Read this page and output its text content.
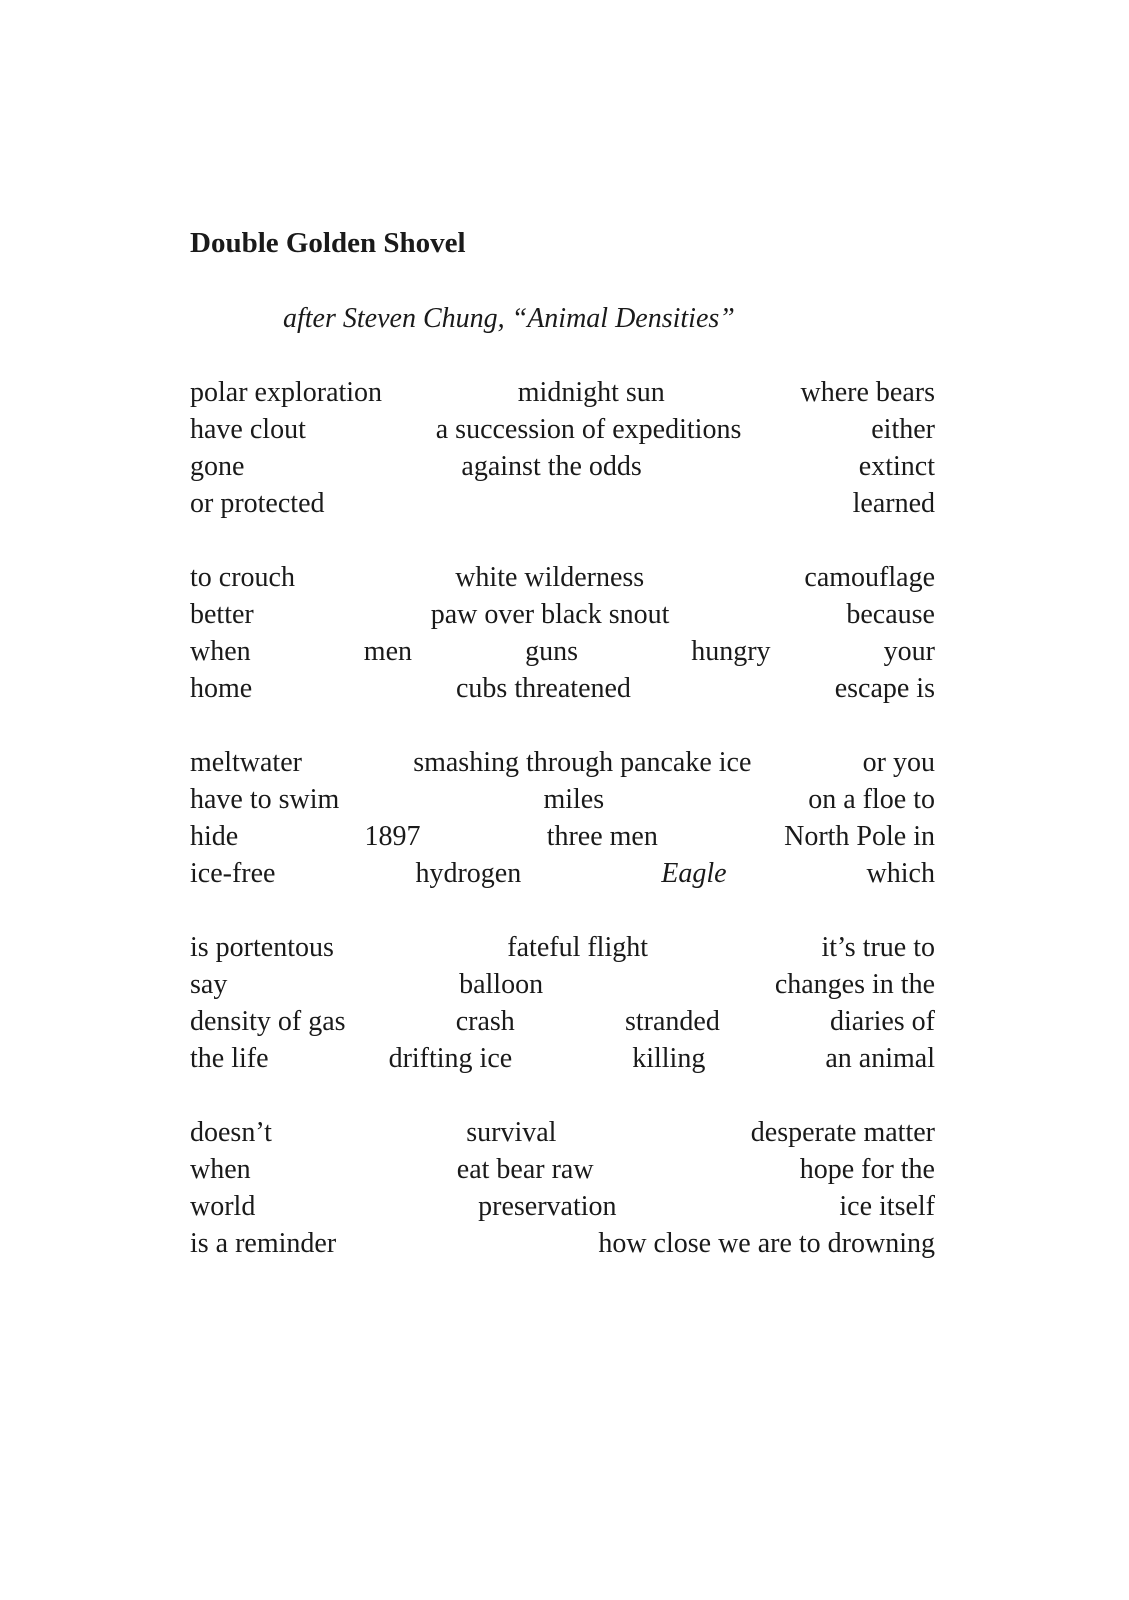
Double Golden Shovel
after Steven Chung, “Animal Densities”
polar exploration	midnight sun	where bears
have clout	a succession of expeditions	either
gone	against the odds	extinct
or protected	learned
to crouch	white wilderness	camouflage
better	paw over black snout	because
when	men	guns	hungry	your
home	cubs threatened	escape is
meltwater	smashing through pancake ice	or you
have to swim	miles	on a floe to
hide	1897	three men	North Pole in
ice-free	hydrogen	Eagle	which
is portentous	fateful flight	it’s true to
say	balloon	changes in the
density of gas	crash	stranded	diaries of
the life	drifting ice	killing	an animal
doesn’t	survival	desperate matter
when	eat bear raw	hope for the
world	preservation	ice itself
is a reminder	how close we are to drowning
